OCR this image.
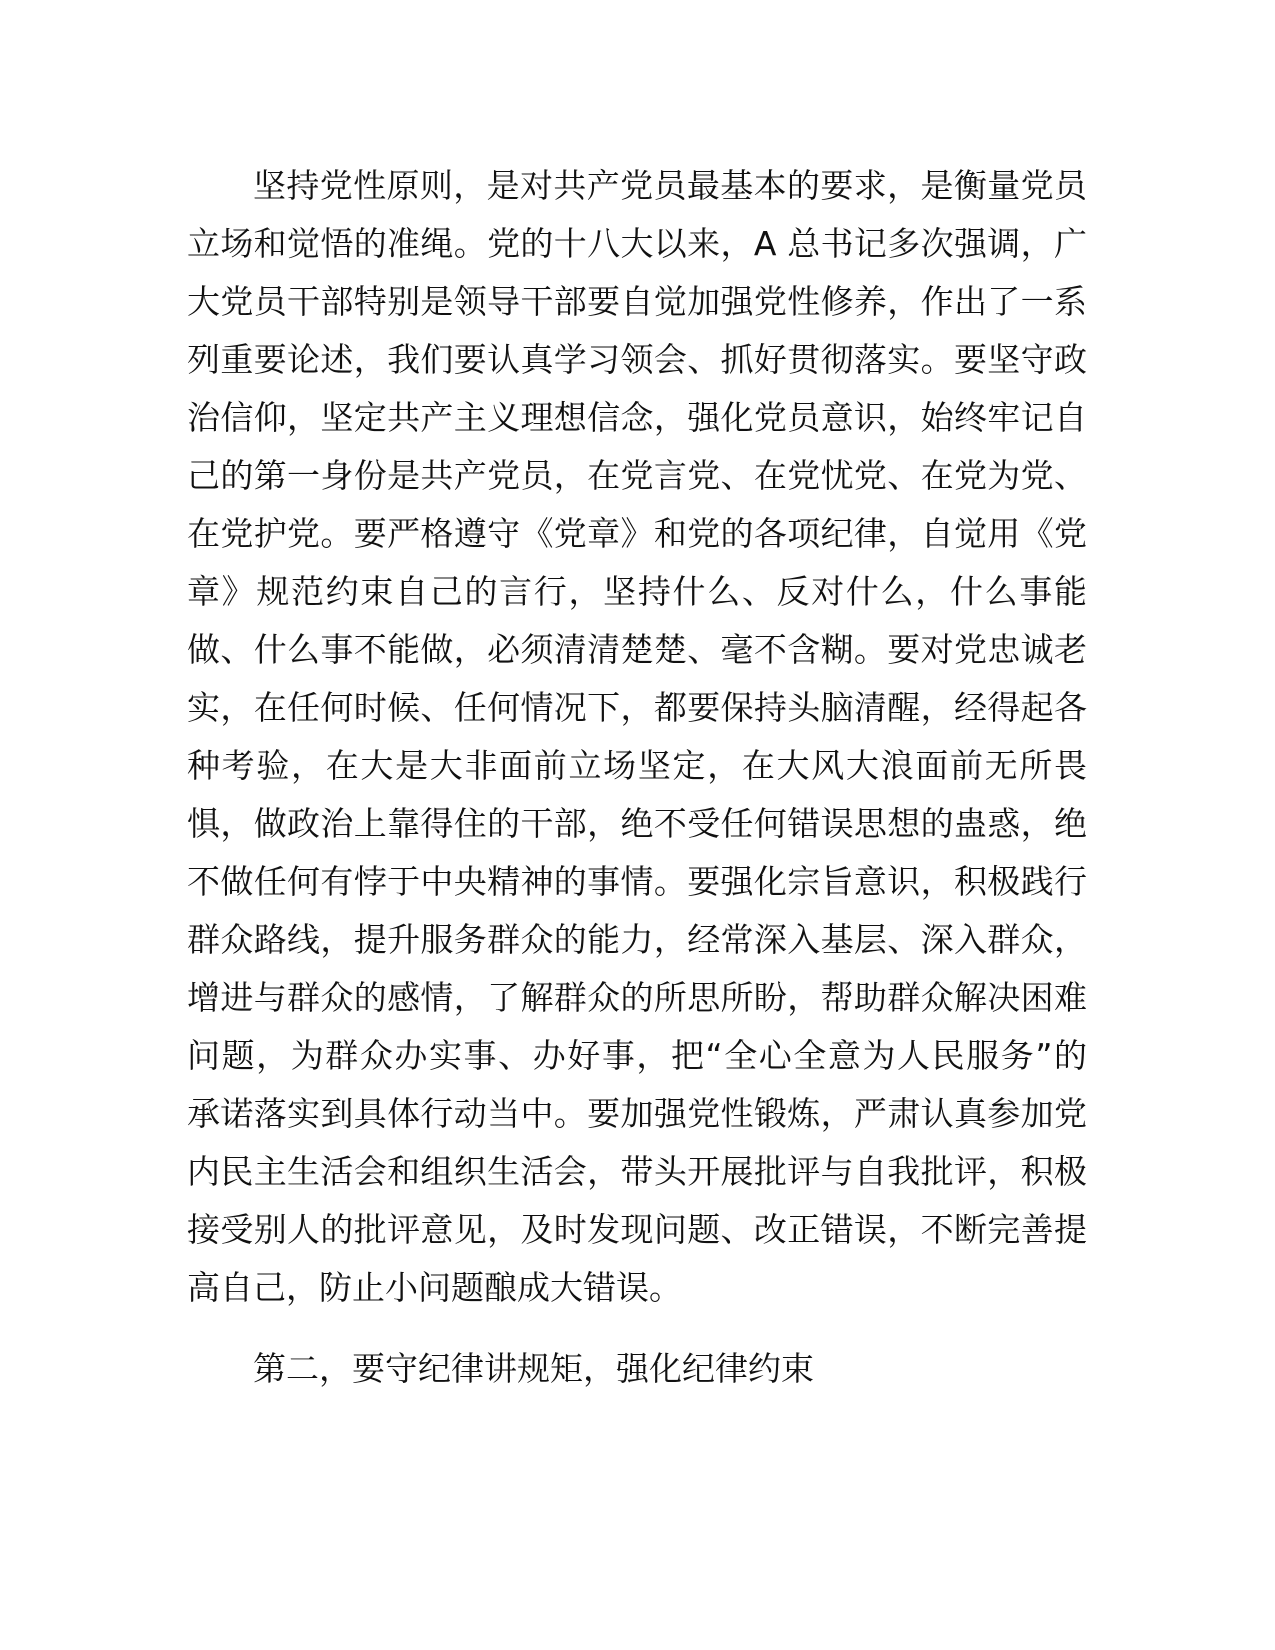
坚持党性原则，是对共产党员最基本的要求，是衡量党员
立场和觉悟的准绳。党的十八大以来，A 总书记多次强调，广
大党员干部特别是领导干部要自觉加强党性修养，作出了一系
列重要论述，我们要认真学习领会、抓好贯彻落实。要坚守政
治信仰，坚定共产主义理想信念，强化党员意识，始终牢记自
己的第一身份是共产党员，在党言党、在党忧党、在党为党、
在党护党。要严格遵守《党章》和党的各项纪律，自觉用《党
章》规范约束自己的言行，坚持什么、反对什么，什么事能
做、什么事不能做，必须清清楚楚、毫不含糊。要对党忠诚老
实，在任何时候、任何情况下，都要保持头脑清醒，经得起各
种考验，在大是大非面前立场坚定，在大风大浪面前无所畏
惧，做政治上靠得住的干部，绝不受任何错误思想的蛊惑，绝
不做任何有悖于中央精神的事情。要强化宗旨意识，积极践行
群众路线，提升服务群众的能力，经常深入基层、深入群众，
增进与群众的感情，了解群众的所思所盼，帮助群众解决困难
问题，为群众办实事、办好事，把“全心全意为人民服务”的
承诺落实到具体行动当中。要加强党性锻炼，严肃认真参加党
内民主生活会和组织生活会，带头开展批评与自我批评，积极
接受别人的批评意见，及时发现问题、改正错误，不断完善提
高自己，防止小问题酿成大错误。
第二，要守纪律讲规矩，强化纪律约束
